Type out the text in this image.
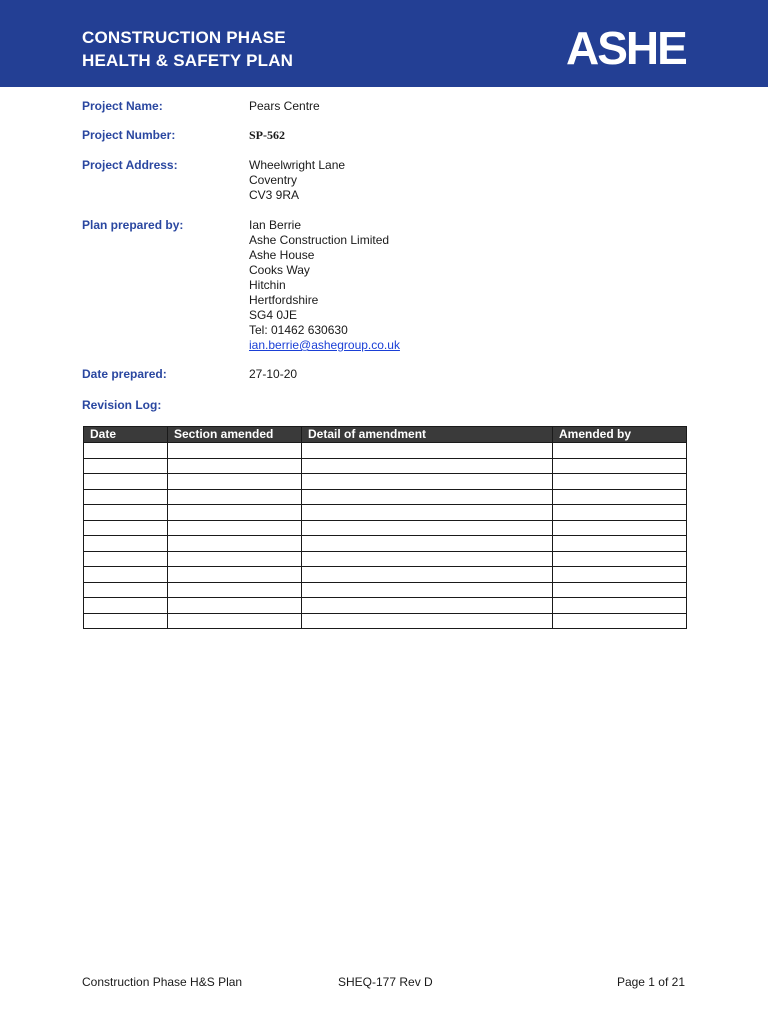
CONSTRUCTION PHASE
HEALTH & SAFETY PLAN	ASHE
Project Name:	Pears Centre
Project Number:	SP-562
Project Address:	Wheelwright Lane
Coventry
CV3 9RA
Plan prepared by:	Ian Berrie
Ashe Construction Limited
Ashe House
Cooks Way
Hitchin
Hertfordshire
SG4 0JE
Tel: 01462 630630
ian.berrie@ashegroup.co.uk
Date prepared:	27-10-20
Revision Log:
Date	Section amended	Detail of amendment	Amended by

Construction Phase H&S Plan	SHEQ-177 Rev D	Page 1 of 21
